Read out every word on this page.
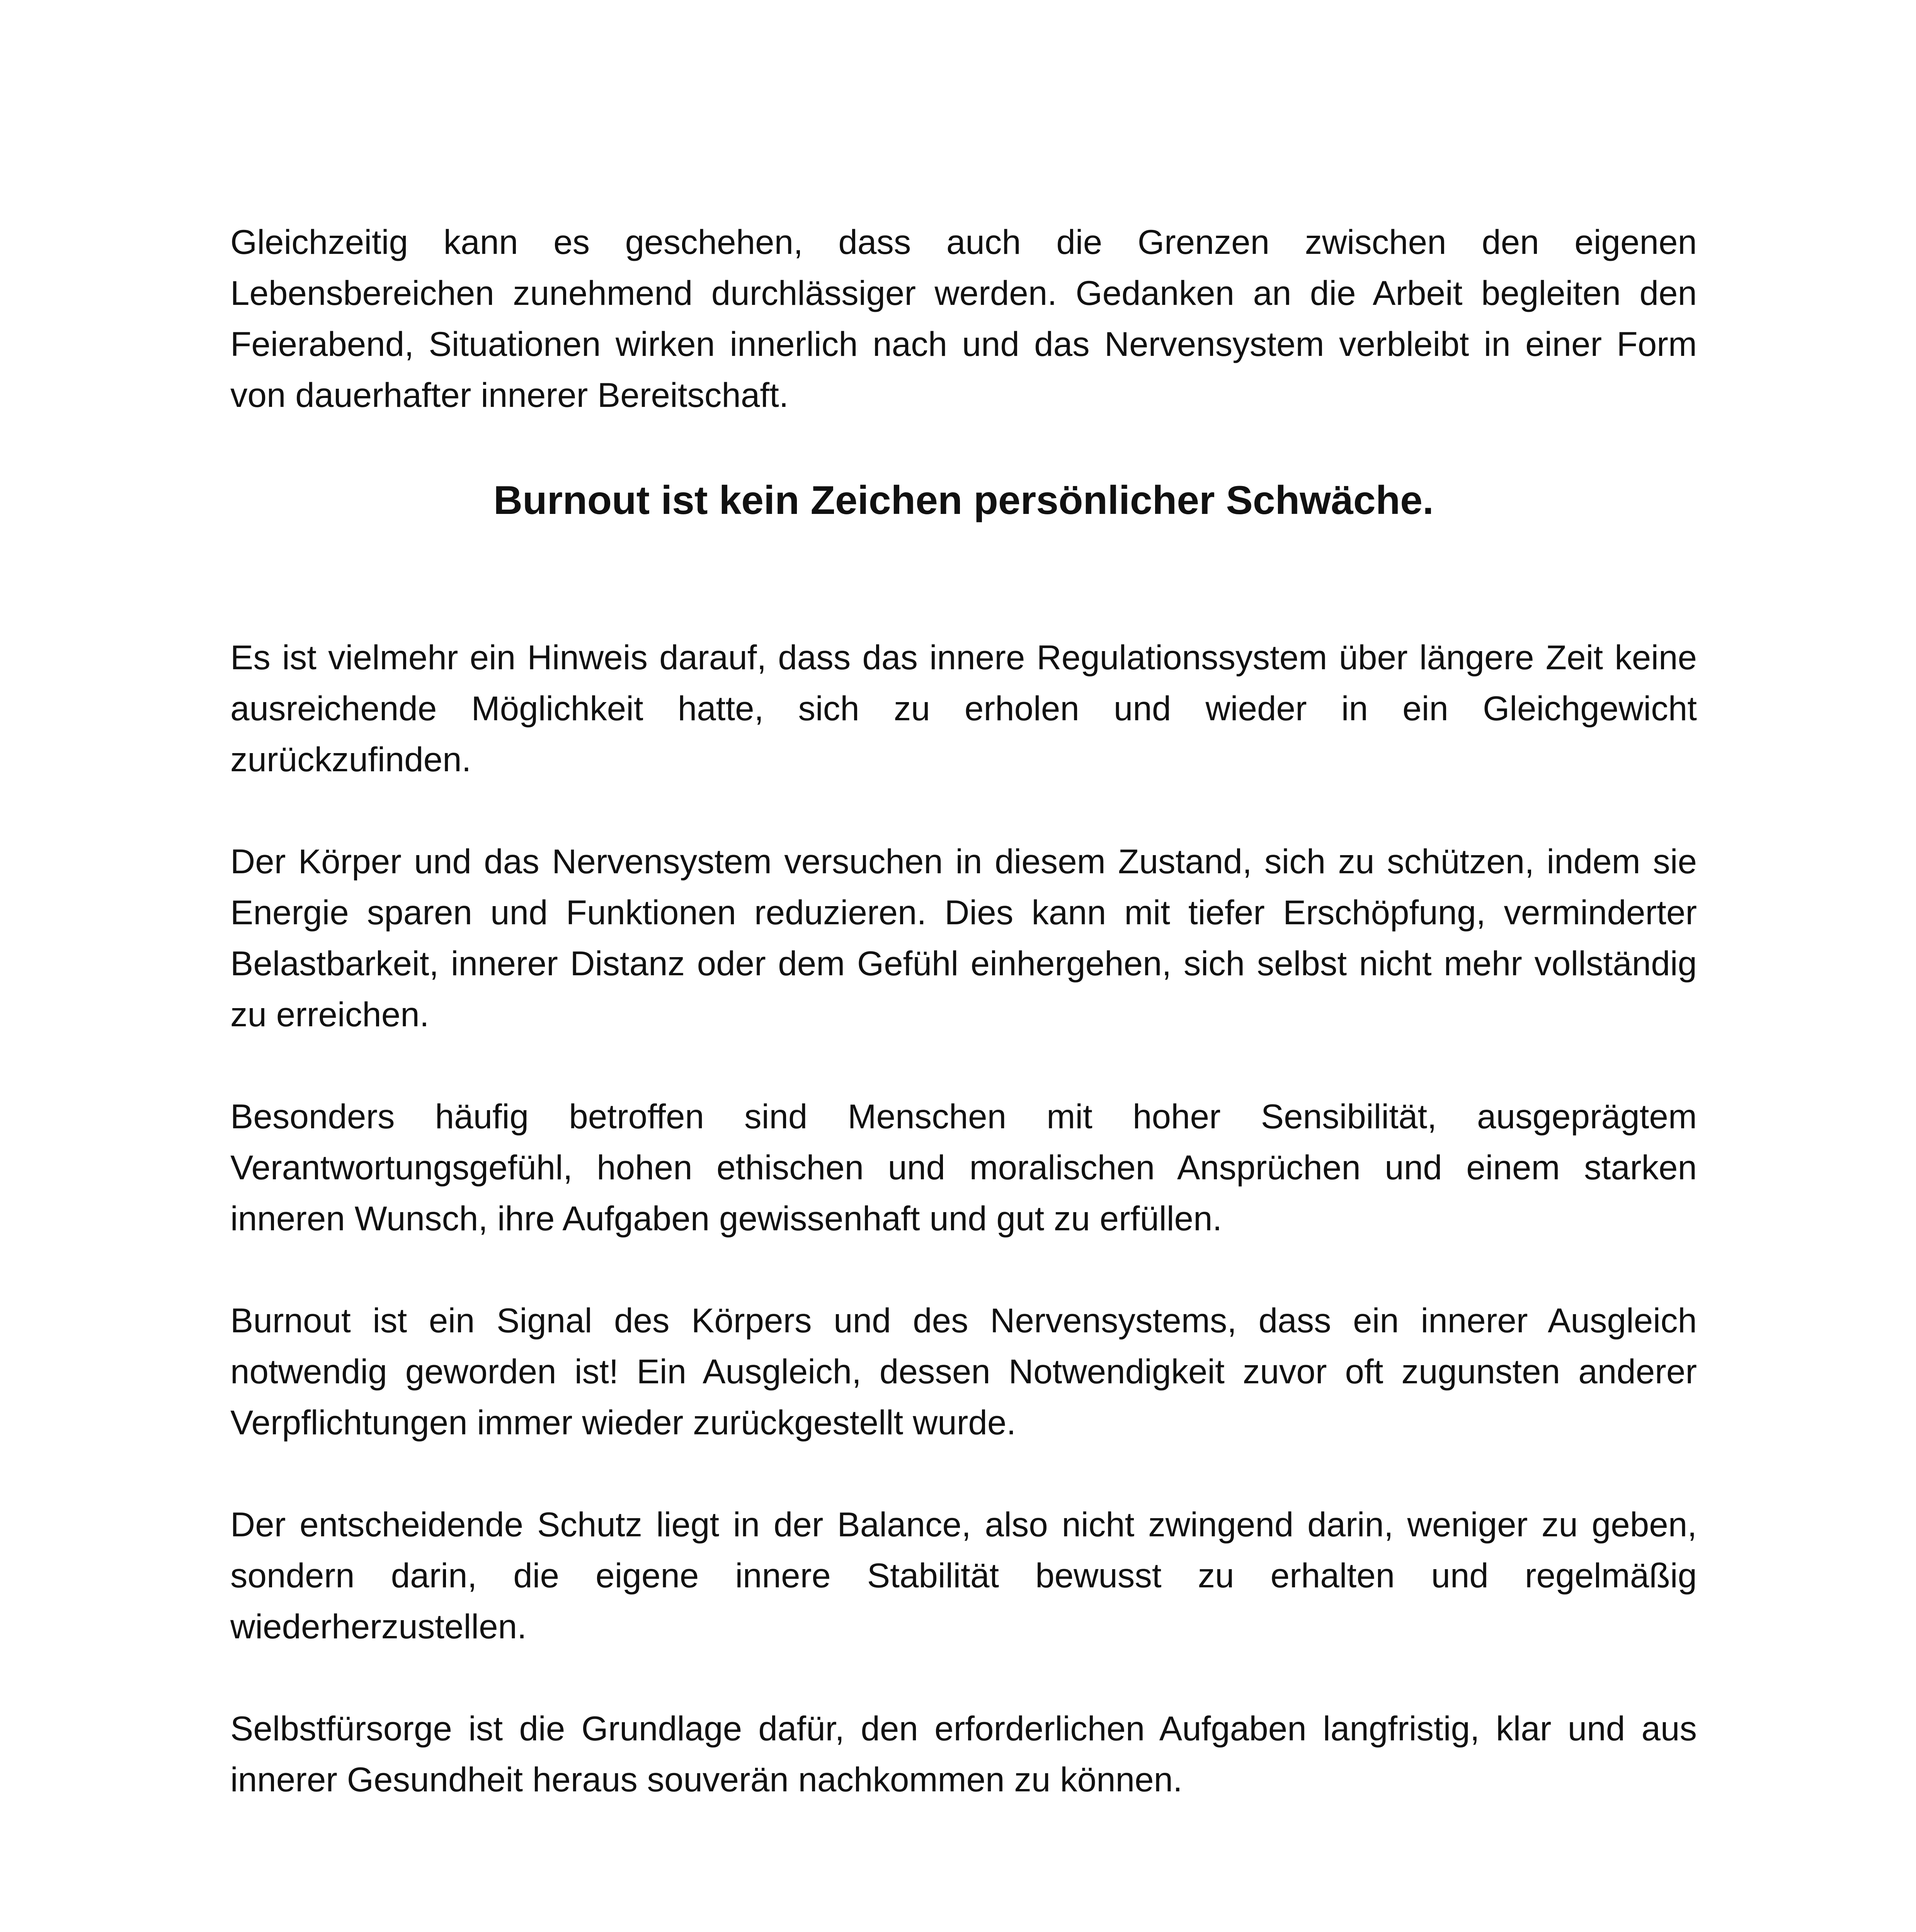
Gleichzeitig kann es geschehen, dass auch die Grenzen zwischen den eigenen Lebensbereichen zunehmend durchlässiger werden. Gedanken an die Arbeit begleiten den Feierabend, Situationen wirken innerlich nach und das Nervensystem verbleibt in einer Form von dauerhafter innerer Bereitschaft.

Burnout ist kein Zeichen persönlicher Schwäche.

Es ist vielmehr ein Hinweis darauf, dass das innere Regulationssystem über längere Zeit keine ausreichende Möglichkeit hatte, sich zu erholen und wieder in ein Gleichgewicht zurückzufinden.

Der Körper und das Nervensystem versuchen in diesem Zustand, sich zu schützen, indem sie Energie sparen und Funktionen reduzieren. Dies kann mit tiefer Erschöpfung, verminderter Belastbarkeit, innerer Distanz oder dem Gefühl einhergehen, sich selbst nicht mehr vollständig zu erreichen.

Besonders häufig betroffen sind Menschen mit hoher Sensibilität, ausgeprägtem Verantwortungsgefühl, hohen ethischen und moralischen Ansprüchen und einem starken inneren Wunsch, ihre Aufgaben gewissenhaft und gut zu erfüllen.

Burnout ist ein Signal des Körpers und des Nervensystems, dass ein innerer Ausgleich notwendig geworden ist! Ein Ausgleich, dessen Notwendigkeit zuvor oft zugunsten anderer Verpflichtungen immer wieder zurückgestellt wurde.

Der entscheidende Schutz liegt in der Balance, also nicht zwingend darin, weniger zu geben, sondern darin, die eigene innere Stabilität bewusst zu erhalten und regelmäßig wiederherzustellen.

Selbstfürsorge ist die Grundlage dafür, den erforderlichen Aufgaben langfristig, klar und aus innerer Gesundheit heraus souverän nachkommen zu können.
